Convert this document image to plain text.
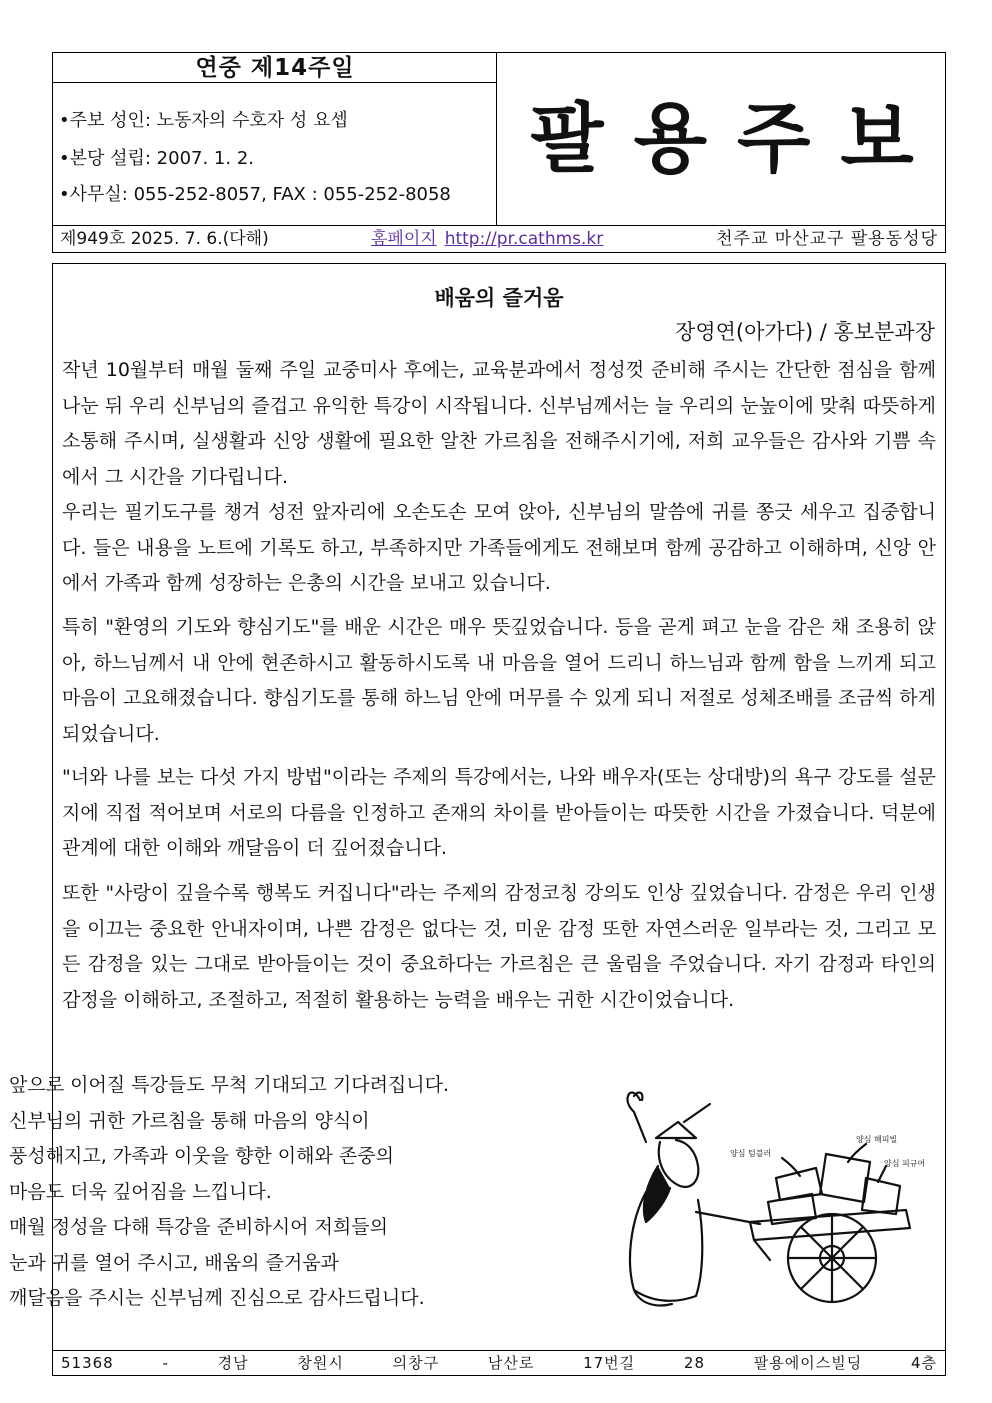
연중 제14주일
•주보 성인: 노동자의 수호자 성 요셉
•본당 설립: 2007. 1. 2.
•사무실: 055-252-8057, FAX : 055-252-8058
팔용주보
제949호 2025. 7. 6.(다해)	홈페이지 http://pr.cathms.kr	천주교 마산교구 팔용동성당
배움의 즐거움
장영연(아가다) / 홍보분과장

작년 10월부터 매월 둘째 주일 교중미사 후에는, 교육분과에서 정성껏 준비해 주시는 간단한 점심을 함께 나눈 뒤 우리 신부님의 즐겁고 유익한 특강이 시작됩니다. 신부님께서는 늘 우리의 눈높이에 맞춰 따뜻하게 소통해 주시며, 실생활과 신앙 생활에 필요한 알찬 가르침을 전해주시기에, 저희 교우들은 감사와 기쁨 속에서 그 시간을 기다립니다.

우리는 필기도구를 챙겨 성전 앞자리에 오손도손 모여 앉아, 신부님의 말씀에 귀를 쫑긋 세우고 집중합니다. 들은 내용을 노트에 기록도 하고, 부족하지만 가족들에게도 전해보며 함께 공감하고 이해하며, 신앙 안에서 가족과 함께 성장하는 은총의 시간을 보내고 있습니다.

특히 "환영의 기도와 향심기도"를 배운 시간은 매우 뜻깊었습니다. 등을 곧게 펴고 눈을 감은 채 조용히 앉아, 하느님께서 내 안에 현존하시고 활동하시도록 내 마음을 열어 드리니 하느님과 함께 함을 느끼게 되고 마음이 고요해졌습니다. 향심기도를 통해 하느님 안에 머무를 수 있게 되니 저절로 성체조배를 조금씩 하게 되었습니다.

"너와 나를 보는 다섯 가지 방법"이라는 주제의 특강에서는, 나와 배우자(또는 상대방)의 욕구 강도를 설문지에 직접 적어보며 서로의 다름을 인정하고 존재의 차이를 받아들이는 따뜻한 시간을 가졌습니다. 덕분에 관계에 대한 이해와 깨달음이 더 깊어졌습니다.

또한 "사랑이 깊을수록 행복도 커집니다"라는 주제의 감정코칭 강의도 인상 깊었습니다. 감정은 우리 인생을 이끄는 중요한 안내자이며, 나쁜 감정은 없다는 것, 미운 감정 또한 자연스러운 일부라는 것, 그리고 모든 감정을 있는 그대로 받아들이는 것이 중요하다는 가르침은 큰 울림을 주었습니다. 자기 감정과 타인의 감정을 이해하고, 조절하고, 적절히 활용하는 능력을 배우는 귀한 시간이었습니다.

앞으로 이어질 특강들도 무척 기대되고 기다려집니다.
신부님의 귀한 가르침을 통해 마음의 양식이
풍성해지고, 가족과 이웃을 향한 이해와 존중의
마음도 더욱 깊어짐을 느낍니다.
매월 정성을 다해 특강을 준비하시어 저희들의
눈과 귀를 열어 주시고, 배움의 즐거움과
깨달음을 주시는 신부님께 진심으로 감사드립니다.
양심 텀블러
양심 해피빌
양심 피규어
51368 - 경남 창원시 의창구 남산로 17번길 28 팔용에이스빌딩 4층
